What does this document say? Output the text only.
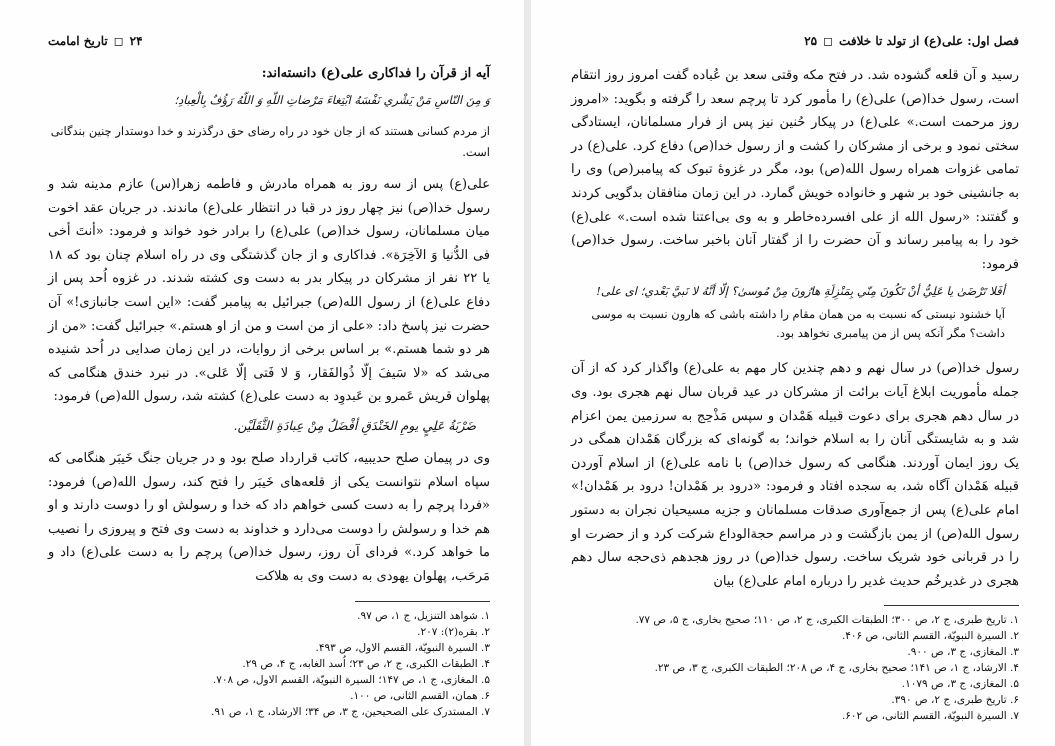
۲۴
◻
تاریخ امامت
آیه از قرآن را فداکاری علی(ع) دانسته‌اند:

وَ مِنَ النّاسِ مَنْ یَشْري نَفْسَهُ ابْتِغاءَ مَرْضاتِ اللّهِ وَ اللّهُ رَؤُفٌ بِالْعِبادِ؛

از مردم کسانی هستند که از جان خود در راه رضای حق درگذرند و خدا دوستدار چنین بندگانی است.

علی(ع) پس از سه روز به همراه مادرش و فاطمه زهرا(س) عازم مدینه شد و رسول خدا(ص) نیز چهار روز در قبا در انتظار علی(ع) ماندند. در جریان عقد اخوت میان مسلمانان، رسول خدا(ص) علی(ع) را برادر خود خواند و فرمود: «أنتَ أخی فی الدُّنیا وَ الآخِرَة». فداکاری و از جان گذشتگی وی در راه اسلام چنان بود که ۱۸ یا ۲۲ نفر از مشرکان در پیکار بدر به دست وی کشته شدند. در غزوه اُحد پس از دفاع علی(ع) از رسول الله(ص) جبرائیل به پیامبر گفت: «این است جانبازی!» آن حضرت نیز پاسخ داد: «علی از من است و من از او هستم.» جبرائیل گفت: «من از هر دو شما هستم.» بر اساس برخی از روایات، در این زمان صدایی در اُحد شنیده می‌شد که «لا سَیفَ إلّا ذُوالفَقار، وَ لا فَتی إلّا عَلی». در نبرد خندق هنگامی که پهلوان قریش عَمرو بن عَبدوِد به دست علی(ع) کشته شد، رسول الله(ص) فرمود:

ضَرْبَةُ عَلِيٍ یومِ الخَنْدَقِ أفْضَلُ مِنْ عِبادَةِ الثَّقَلَیْن.

وی در پیمان صلح حدیبیه، کاتب قرارداد صلح بود و در جریان جنگ خَیبَر هنگامی که سپاه اسلام نتوانست یکی از قلعه‌های خَیبَر را فتح کند، رسول الله(ص) فرمود: «فردا پرچم را به دست کسی خواهم داد که خدا و رسولش او را دوست دارند و او هم خدا و رسولش را دوست می‌دارد و خداوند به دست وی فتح و پیروزی را نصیب ما خواهد کرد.» فردای آن روز، رسول خدا(ص) پرچم را به دست علی(ع) داد و مَرحَب، پهلوان یهودی به دست وی به هلاکت

۱. شواهد التنزیل، ج ۱، ص ۹۷.
۲. بقره(۲): ۲۰۷.
۳. السیرة النبویّة، القسم الاول، ص ۴۹۳.
۴. الطبقات الکبری، ج ۲، ص ۲۳؛ اُسد الغابه، ج ۴، ص ۲۹.
۵. المغازی، ج ۱، ص ۱۴۷؛ السیرة النبویّة، القسم الاول، ص ۷۰۸.
۶. همان، القسم الثانی، ص ۱۰۰.
۷. المستدرک علی الصحیحین، ج ۳، ص ۳۴؛ الارشاد، ج ۱، ص ۹۱.
فصل اول: علی(ع) از تولد تا خلافت
◻
۲۵

رسید و آن قلعه گشوده شد. در فتح مکه وقتی سعد بن عُباده گفت امروز روز انتقام است، رسول خدا(ص) علی(ع) را مأمور کرد تا پرچم سعد را گرفته و بگوید: «امروز روز مرحمت است.» علی(ع) در پیکار حُنین نیز پس از فرار مسلمانان، ایستادگی سختی نمود و برخی از مشرکان را کشت و از رسول خدا(ص) دفاع کرد. علی(ع) در تمامی غزوات همراه رسول الله(ص) بود، مگر در غزوهٔ تبوک که پیامبر(ص) وی را به جانشینی خود بر شهر و خانواده خویش گمارد. در این زمان منافقان بدگویی کردند و گفتند: «رسول الله از علی افسرده‌خاطر و به وی بی‌اعتنا شده است.» علی(ع) خود را به پیامبر رساند و آن حضرت را از گفتار آنان باخبر ساخت. رسول خدا(ص) فرمود:

أفَلا تَرْضَیٰ یا عَلِيُّ أنْ تَکُونَ مِنّي بِمَنْزِلَةِ هارُونَ مِنْ مُوسیٰ؟ إلّا أنَّهُ لا نَبيَّ بَعْدي؛ ای علی!

آیا خشنود نیستی که نسبت به من همان مقام را داشته باشی که هارون نسبت به موسی داشت؟ مگر آنکه پس از من پیامبری نخواهد بود.

رسول خدا(ص) در سال نهم و دهم چندین کار مهم به علی(ع) واگذار کرد که از آن جمله مأموریت ابلاغ آیات برائت از مشرکان در عید قربان سال نهم هجری بود. وی در سال دهم هجری برای دعوت قبیله هَمْدان و سپس مَذْحِج به سرزمین یمن اعزام شد و به شایستگی آنان را به اسلام خواند؛ به گونه‌ای که بزرگان هَمْدان همگی در یک روز ایمان آوردند. هنگامی که رسول خدا(ص) با نامه علی(ع) از اسلام آوردن قبیله هَمْدان آگاه شد، به سجده افتاد و فرمود: «درود بر هَمْدان! درود بر هَمْدان!» امام علی(ع) پس از جمع‌آوری صدقات مسلمانان و جزیه مسیحیان نجران به دستور رسول الله(ص) از یمن بازگشت و در مراسم حجة‌الوداع شرکت کرد و از حضرت او را در قربانی خود شریک ساخت. رسول خدا(ص) در روز هجدهم ذی‌حجه سال دهم هجری در غدیرخُم حدیث غدیر را درباره امام علی(ع) بیان

۱. تاریخ طبری، ج ۲، ص ۳۰۰؛ الطبقات الکبری، ج ۲، ص ۱۱۰؛ صحیح بخاری، ج ۵، ص ۷۷.
۲. السیرة النبویّة، القسم الثانی، ص ۴۰۶.
۳. المغازی، ج ۳، ص ۹۰۰.
۴. الارشاد، ج ۱، ص ۱۴۱؛ صحیح بخاری، ج ۴، ص ۲۰۸؛ الطبقات الکبری، ج ۳، ص ۲۳.
۵. المغازی، ج ۳، ص ۱۰۷۹.
۶. تاریخ طبری، ج ۲، ص ۳۹۰.
۷. السیرة النبویّة، القسم الثانی، ص ۶۰۲.
